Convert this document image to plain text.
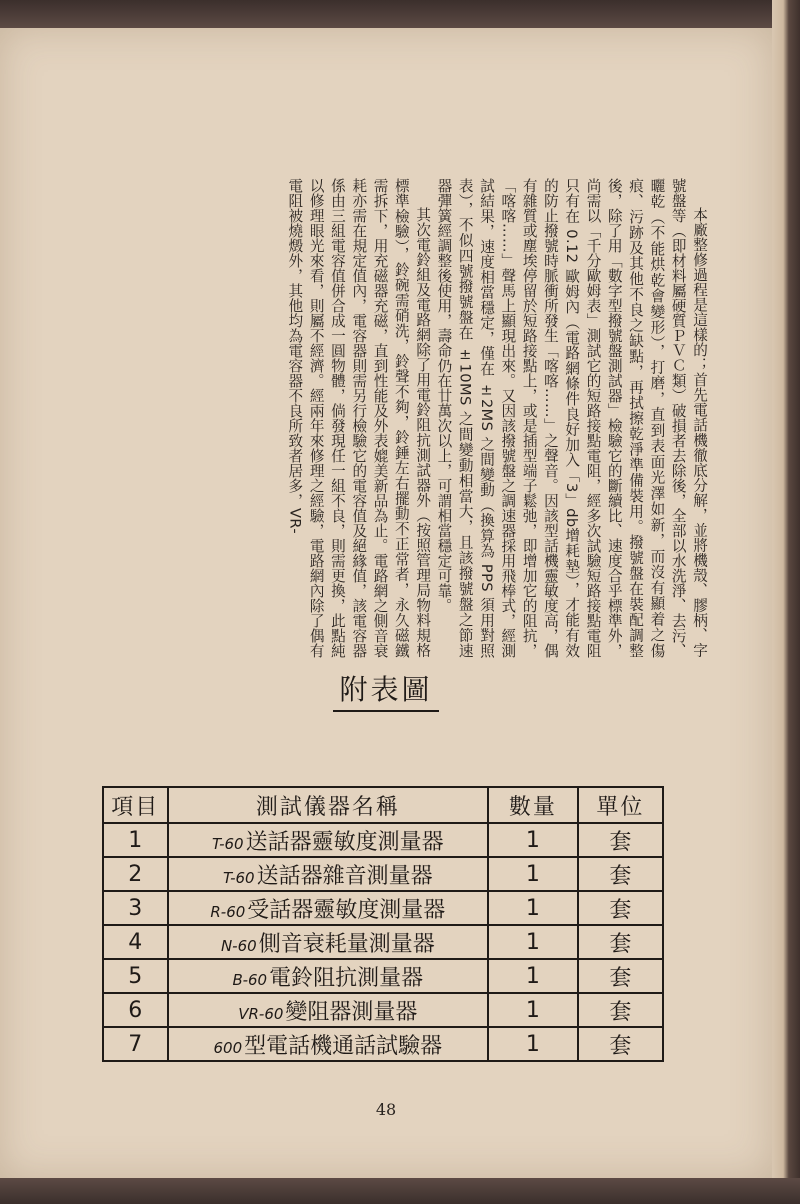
本廠整修過程是這樣的；首先電話機徹底分解，並將機殼、膠柄、字號盤等（即材料屬硬質ＰＶＣ類）破損者去除後，全部以水洗淨、去污、曬乾（不能烘乾會變形），打磨，直到表面光澤如新，而沒有顯着之傷痕、污跡及其他不良之缺點，再拭擦乾淨準備裝用。撥號盤在裝配調整後，除了用「數字型撥號盤測試器」檢驗它的斷續比、速度合乎標準外，尚需以「千分歐姆表」測試它的短路接點電阻，經多次試驗短路接點電阻只有在 0.12 歐姆內（電路網條件良好加入「3」db增耗墊），才能有效的防止撥號時脈衝所發生「喀喀……」之聲音。因該型話機靈敏度高，偶有雜質或塵埃停留於短路接點上，或是插型端子鬆弛，即增加它的阻抗，「喀喀……」聲馬上顯現出來。又因該撥號盤之調速器採用飛棒式，經測試結果，速度相當穩定，僅在 ±2MS 之間變動（換算為 PPS 須用對照表），不似四號撥號盤在 ±10MS 之間變動相當大，且該撥號盤之節速器彈簧經調整後使用，壽命仍在廿萬次以上，可謂相當穩定可靠。

其次電鈴組及電路網除了用電鈴阻抗測試器外（按照管理局物料規格標準檢驗），鈴碗需硝洗，鈴聲不夠，鈴錘左右擺動不正常者，永久磁鐵需拆下，用充磁器充磁，直到性能及外表媲美新品為止。電路網之側音衰耗亦需在規定值內，電容器則需另行檢驗它的電容值及絕緣值，該電容器係由三組電容值併合成一圓物體，倘發現任一組不良，則需更換，此點純以修理眼光來看，則屬不經濟。經兩年來修理之經驗，電路網內除了偶有電阻被燒燬外，其他均為電容器不良所致者居多，VR-

附表圖
項目	測試儀器名稱	數量	單位
1	T-60送話器靈敏度測量器	1	套
2	T-60送話器雜音測量器	1	套
3	R-60受話器靈敏度測量器	1	套
4	N-60側音衰耗量測量器	1	套
5	B-60電鈴阻抗測量器	1	套
6	VR-60變阻器測量器	1	套
7	600型電話機通話試驗器	1	套
48
